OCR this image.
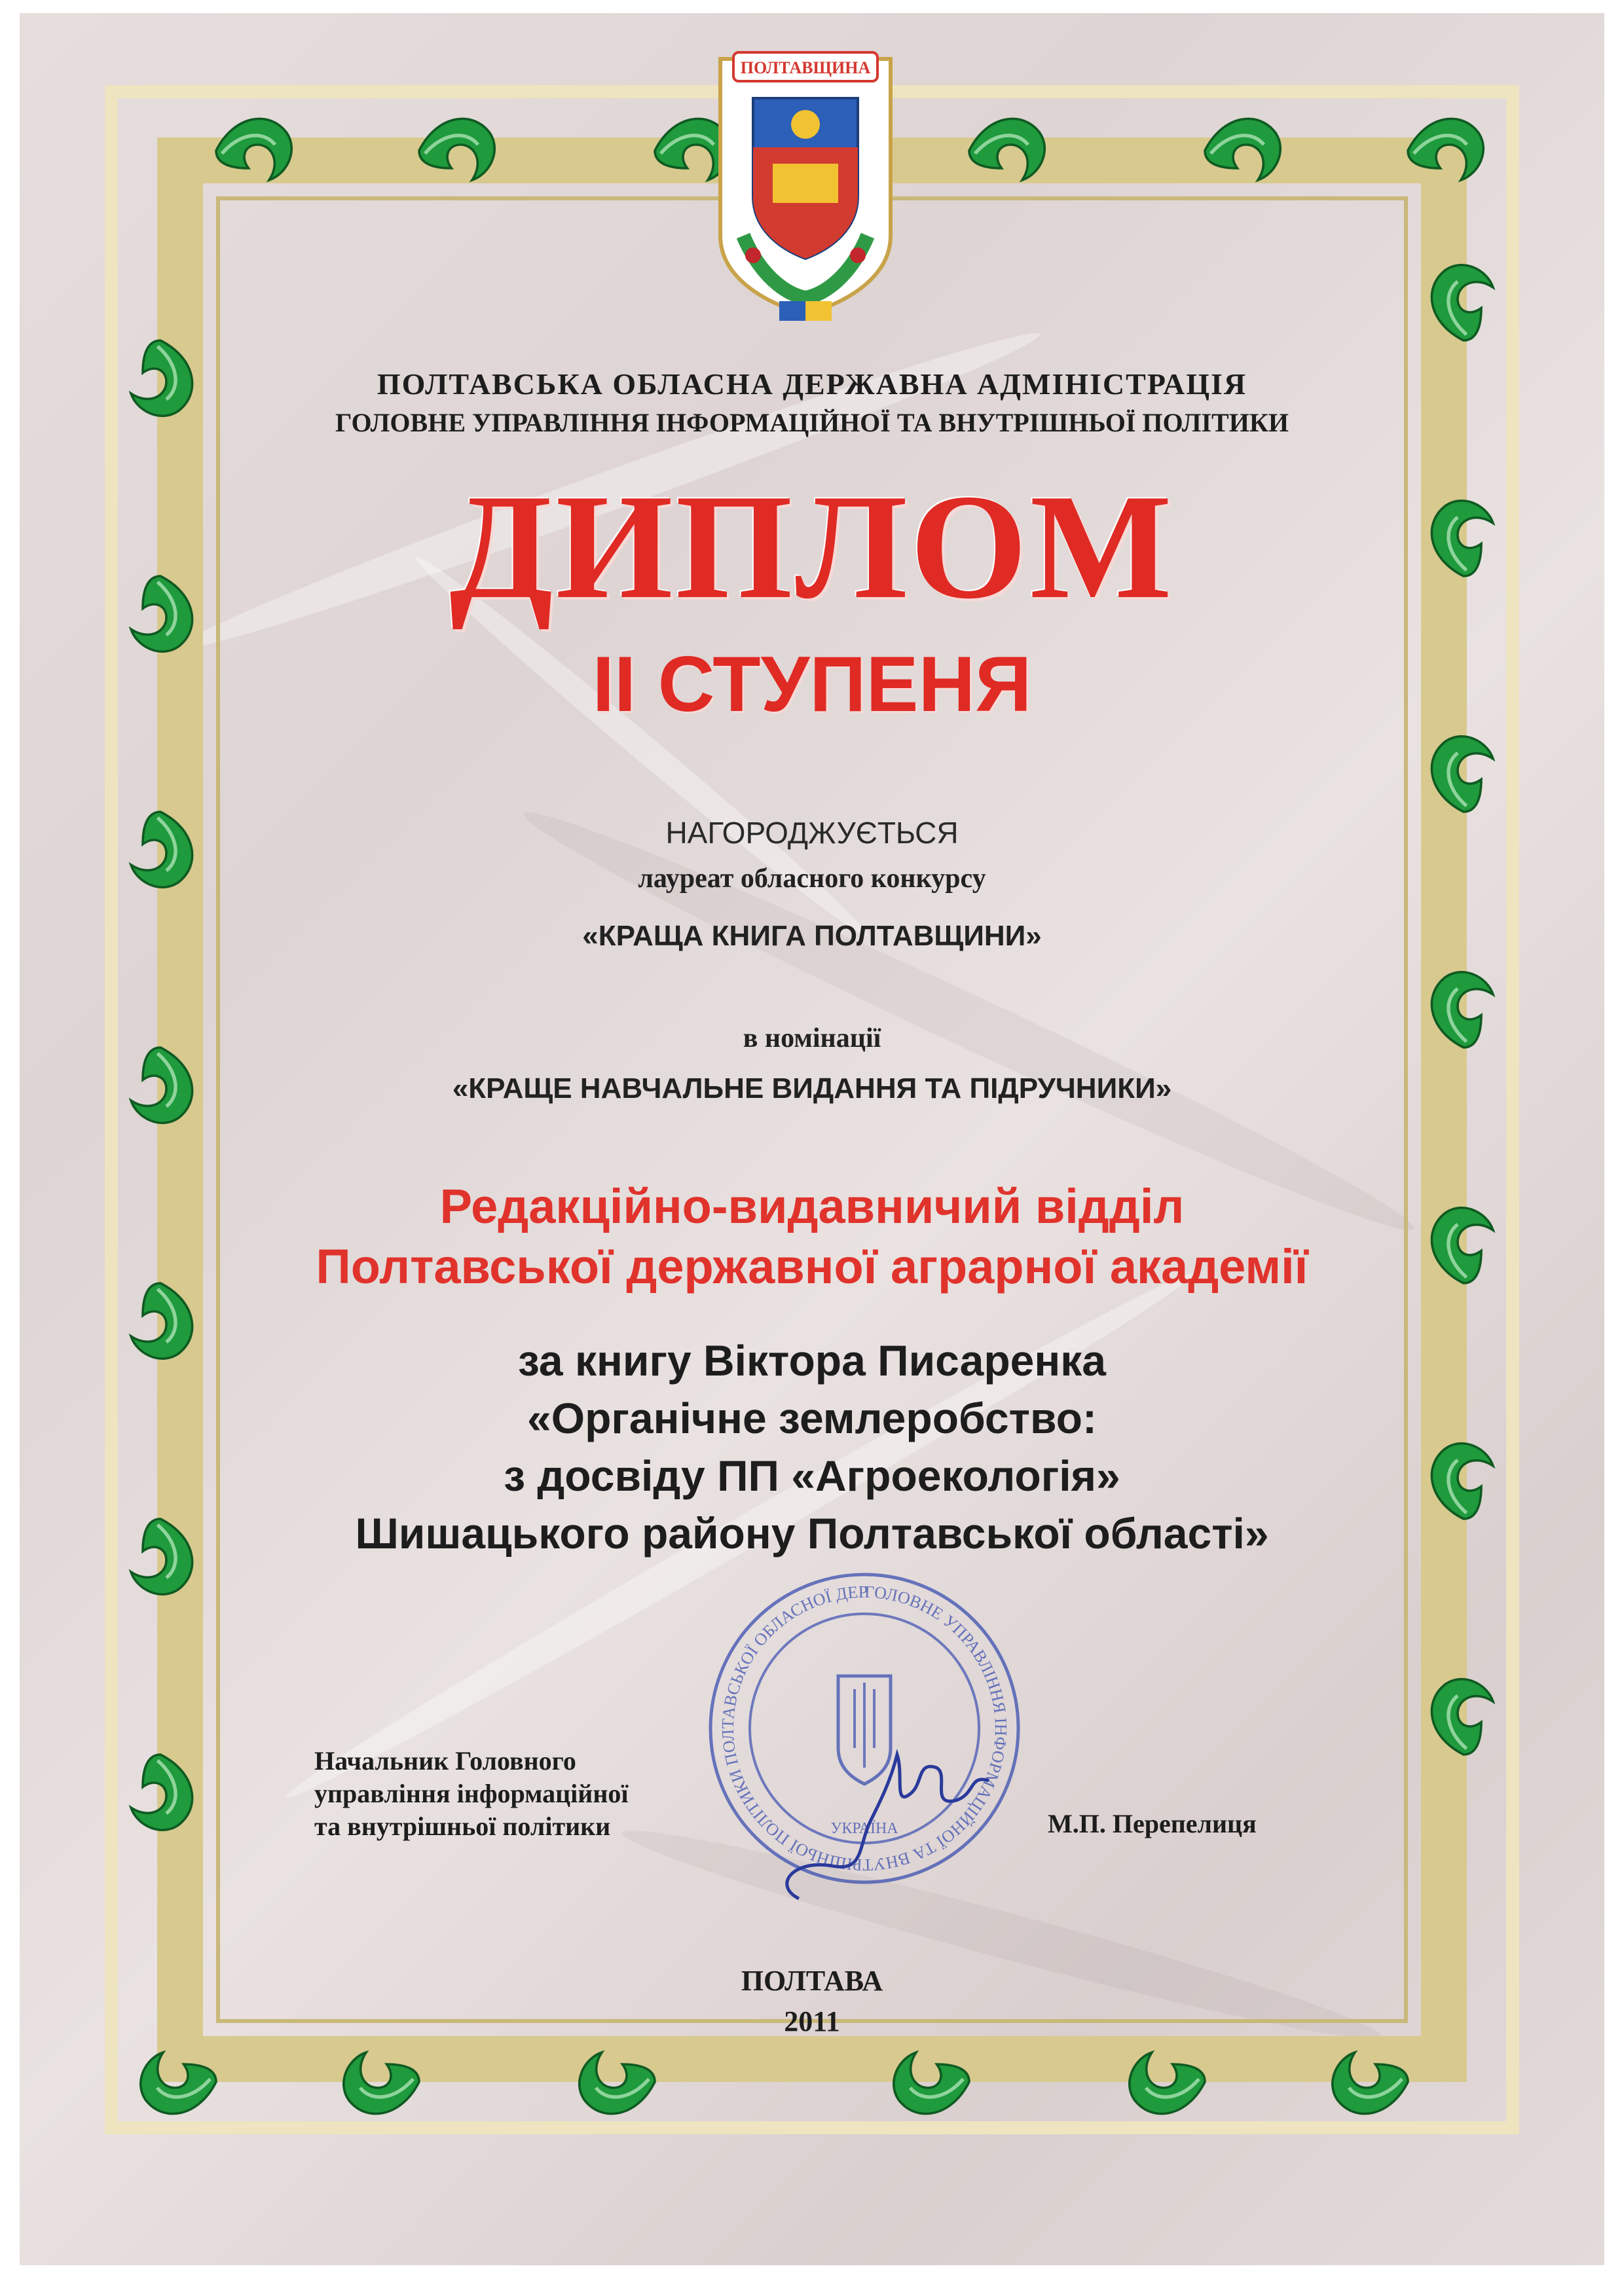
ПОЛТАВЩИНА
ПОЛТАВСЬКА ОБЛАСНА ДЕРЖАВНА АДМІНІСТРАЦІЯ
ГОЛОВНЕ УПРАВЛІННЯ ІНФОРМАЦІЙНОЇ ТА ВНУТРІШНЬОЇ ПОЛІТИКИ
ДИПЛОМ
ІІ СТУПЕНЯ
НАГОРОДЖУЄТЬСЯ
лауреат обласного конкурсу
«КРАЩА КНИГА ПОЛТАВЩИНИ»
в номінації
«КРАЩЕ НАВЧАЛЬНЕ ВИДАННЯ ТА ПІДРУЧНИКИ»
Редакційно-видавничий відділ
Полтавської державної аграрної академії
за книгу Віктора Писаренка
«Органічне землеробство:
з досвіду ПП «Агроекологія»
Шишацького району Полтавської області»
ГОЛОВНЕ УПРАВЛІННЯ ІНФОРМАЦІЙНОЇ ТА ВНУТРІШНЬОЇ ПОЛІТИКИ ПОЛТАВСЬКОЇ ОБЛАСНОЇ ДЕР
УКРАЇНА
Начальник Головного
управління інформаційної
та внутрішньої політики	М.П. Перепелиця
ПОЛТАВА
2011
